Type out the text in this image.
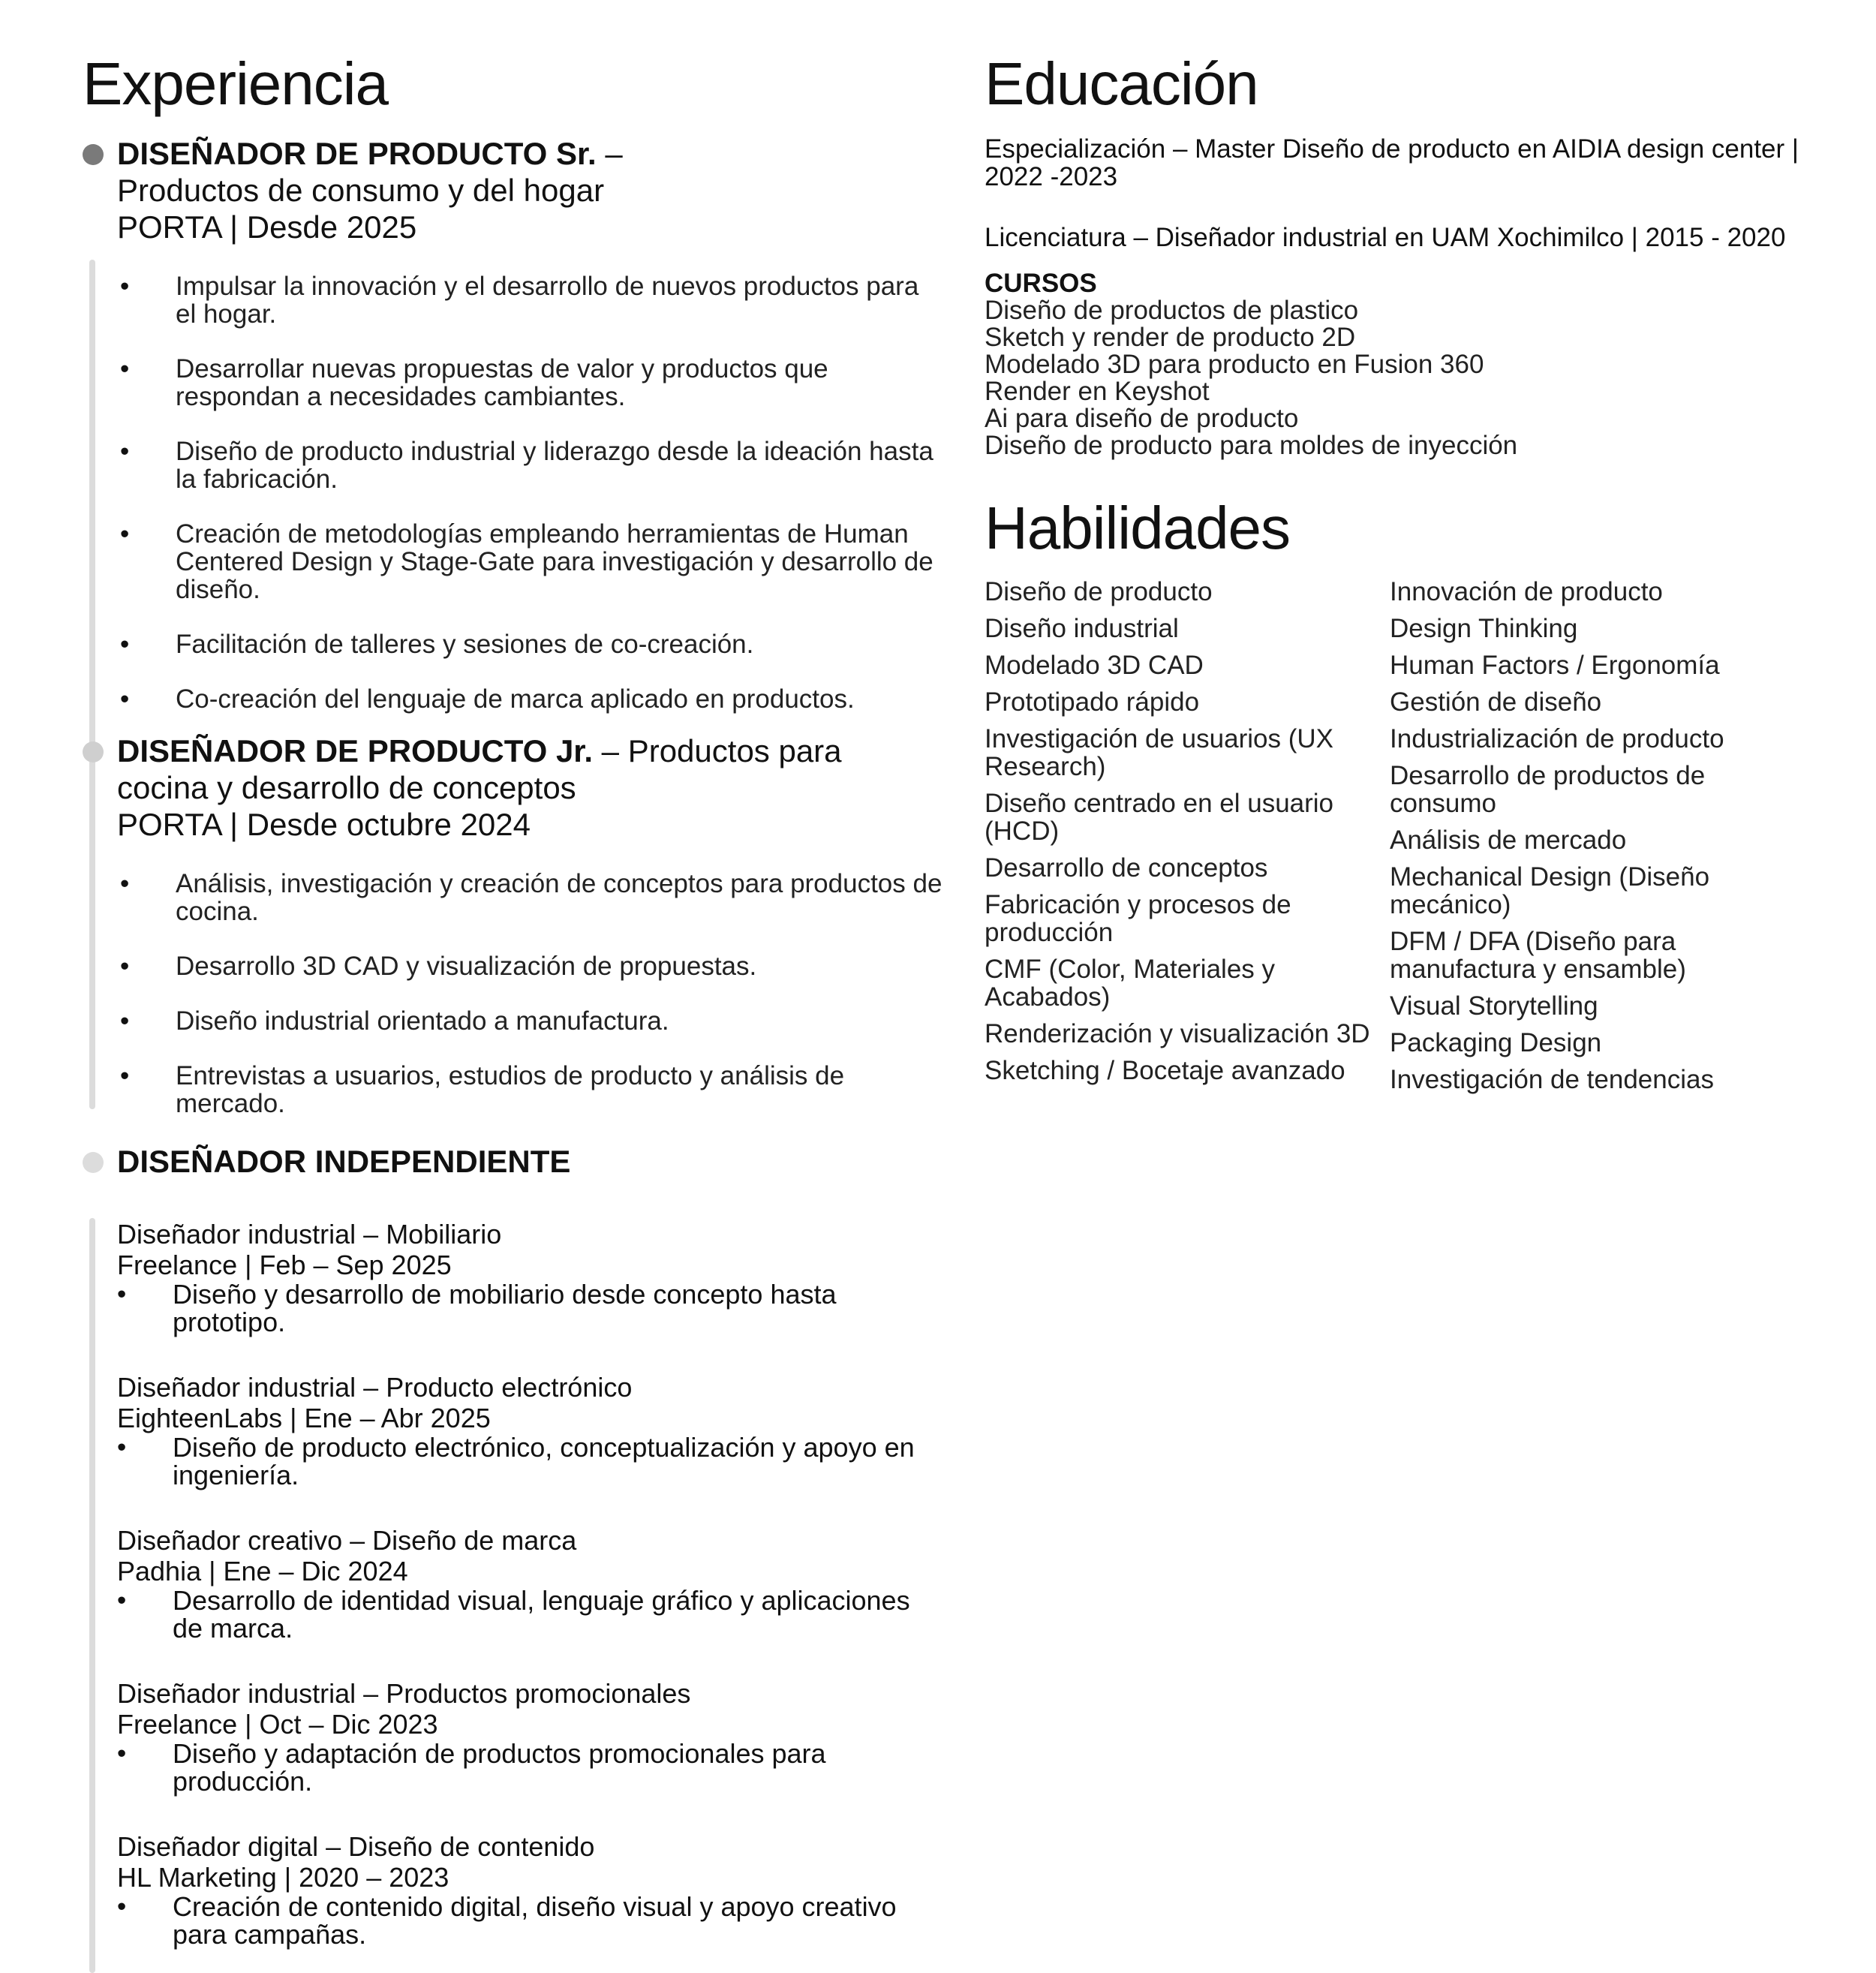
Experiencia
DISEÑADOR DE PRODUCTO Sr. –
Productos de consumo y del hogar
PORTA | Desde 2025
• Impulsar la innovación y el desarrollo de nuevos productos para el hogar.
• Desarrollar nuevas propuestas de valor y productos que respondan a necesidades cambiantes.
• Diseño de producto industrial y liderazgo desde la ideación hasta la fabricación.
• Creación de metodologías empleando herramientas de Human Centered Design y Stage-Gate para investigación y desarrollo de diseño.
• Facilitación de talleres y sesiones de co-creación.
• Co-creación del lenguaje de marca aplicado en productos.
DISEÑADOR DE PRODUCTO Jr. – Productos para
cocina y desarrollo de conceptos
PORTA | Desde octubre 2024
• Análisis, investigación y creación de conceptos para productos de cocina.
• Desarrollo 3D CAD y visualización de propuestas.
• Diseño industrial orientado a manufactura.
• Entrevistas a usuarios, estudios de producto y análisis de mercado.
DISEÑADOR INDEPENDIENTE
Diseñador industrial – Mobiliario
Freelance | Feb – Sep 2025
• Diseño y desarrollo de mobiliario desde concepto hasta prototipo.
Diseñador industrial – Producto electrónico
EighteenLabs | Ene – Abr 2025
• Diseño de producto electrónico, conceptualización y apoyo en ingeniería.
Diseñador creativo – Diseño de marca
Padhia | Ene – Dic 2024
• Desarrollo de identidad visual, lenguaje gráfico y aplicaciones de marca.
Diseñador industrial – Productos promocionales
Freelance | Oct – Dic 2023
• Diseño y adaptación de productos promocionales para producción.
Diseñador digital – Diseño de contenido
HL Marketing | 2020 – 2023
• Creación de contenido digital, diseño visual y apoyo creativo para campañas.
Educación

Especialización – Master Diseño de producto en AIDIA design center | 2022 -2023

Licenciatura – Diseñador industrial en UAM Xochimilco | 2015 - 2020

CURSOS

Diseño de productos de plastico
Sketch y render de producto 2D
Modelado 3D para producto en Fusion 360
Render en Keyshot
Ai para diseño de producto
Diseño de producto para moldes de inyección
Habilidades
Diseño de producto
Diseño industrial
Modelado 3D CAD
Prototipado rápido
Investigación de usuarios (UX Research)
Diseño centrado en el usuario (HCD)
Desarrollo de conceptos
Fabricación y procesos de producción
CMF (Color, Materiales y Acabados)
Renderización y visualización 3D
Sketching / Bocetaje avanzado
Innovación de producto
Design Thinking
Human Factors / Ergonomía
Gestión de diseño
Industrialización de producto
Desarrollo de productos de consumo
Análisis de mercado
Mechanical Design (Diseño mecánico)
DFM / DFA (Diseño para manufactura y ensamble)
Visual Storytelling
Packaging Design
Investigación de tendencias
